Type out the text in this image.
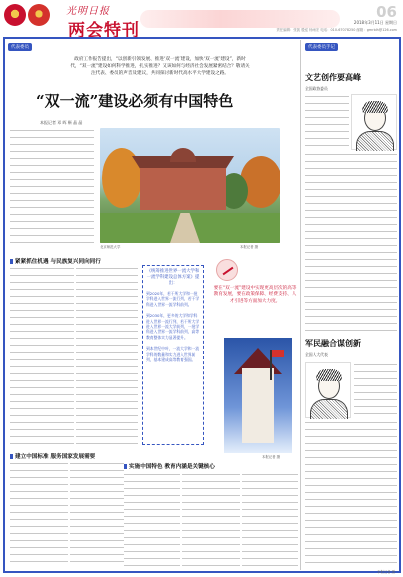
光明日报
两会特刊
06
2018年3月11日 星期日
责任编辑：张凯 殷泓 杨雨宏 电话：010-67078250 邮箱：gmrblh@126.com
代表委员
政府工作报告提出，“以创新引领发展、推进‘双一流’建设，加快‘双一流’建设”，新时代，“双一流”建设如何科学推进，扎实推进？又该如何与经济社会发展紧密结合？敬请关注代表、委员的声音及建议，共同探讨新时代高水平大学建设之路。
“双一流”建设必须有中国特色
本报记者 邓 晖 靳 晶 晶
北京师范大学	本报记者 摄
紧紧抓住机遇 与民族复兴同向同行
《统筹推进世界一流大学和一流学科建设总体方案》提出：
到2020年，若干所大学和一批学科进入世界一流行列，若干学科进入世界一流学科前列。
到2030年，更多的大学和学科进入世界一流行列，若干所大学进入世界一流大学前列，一批学科进入世界一流学科前列，高等教育整体实力显著提升。
到本世纪中叶，一流大学和一流学科的数量和实力进入世界前列，基本建成高等教育强国。
要在“双一流”建设中实现更高层次的高等教育发展，要在政策保障、经费支持、人才引进等方面加大力度。
本报记者 摄
建立中国标准 服务国家发展需要
实施中国特色 教育内涵是关键核心
代表委员手记
文艺创作要高峰
全国政协委员
军民融合谋创新
全国人大代表
本报记者 摄
